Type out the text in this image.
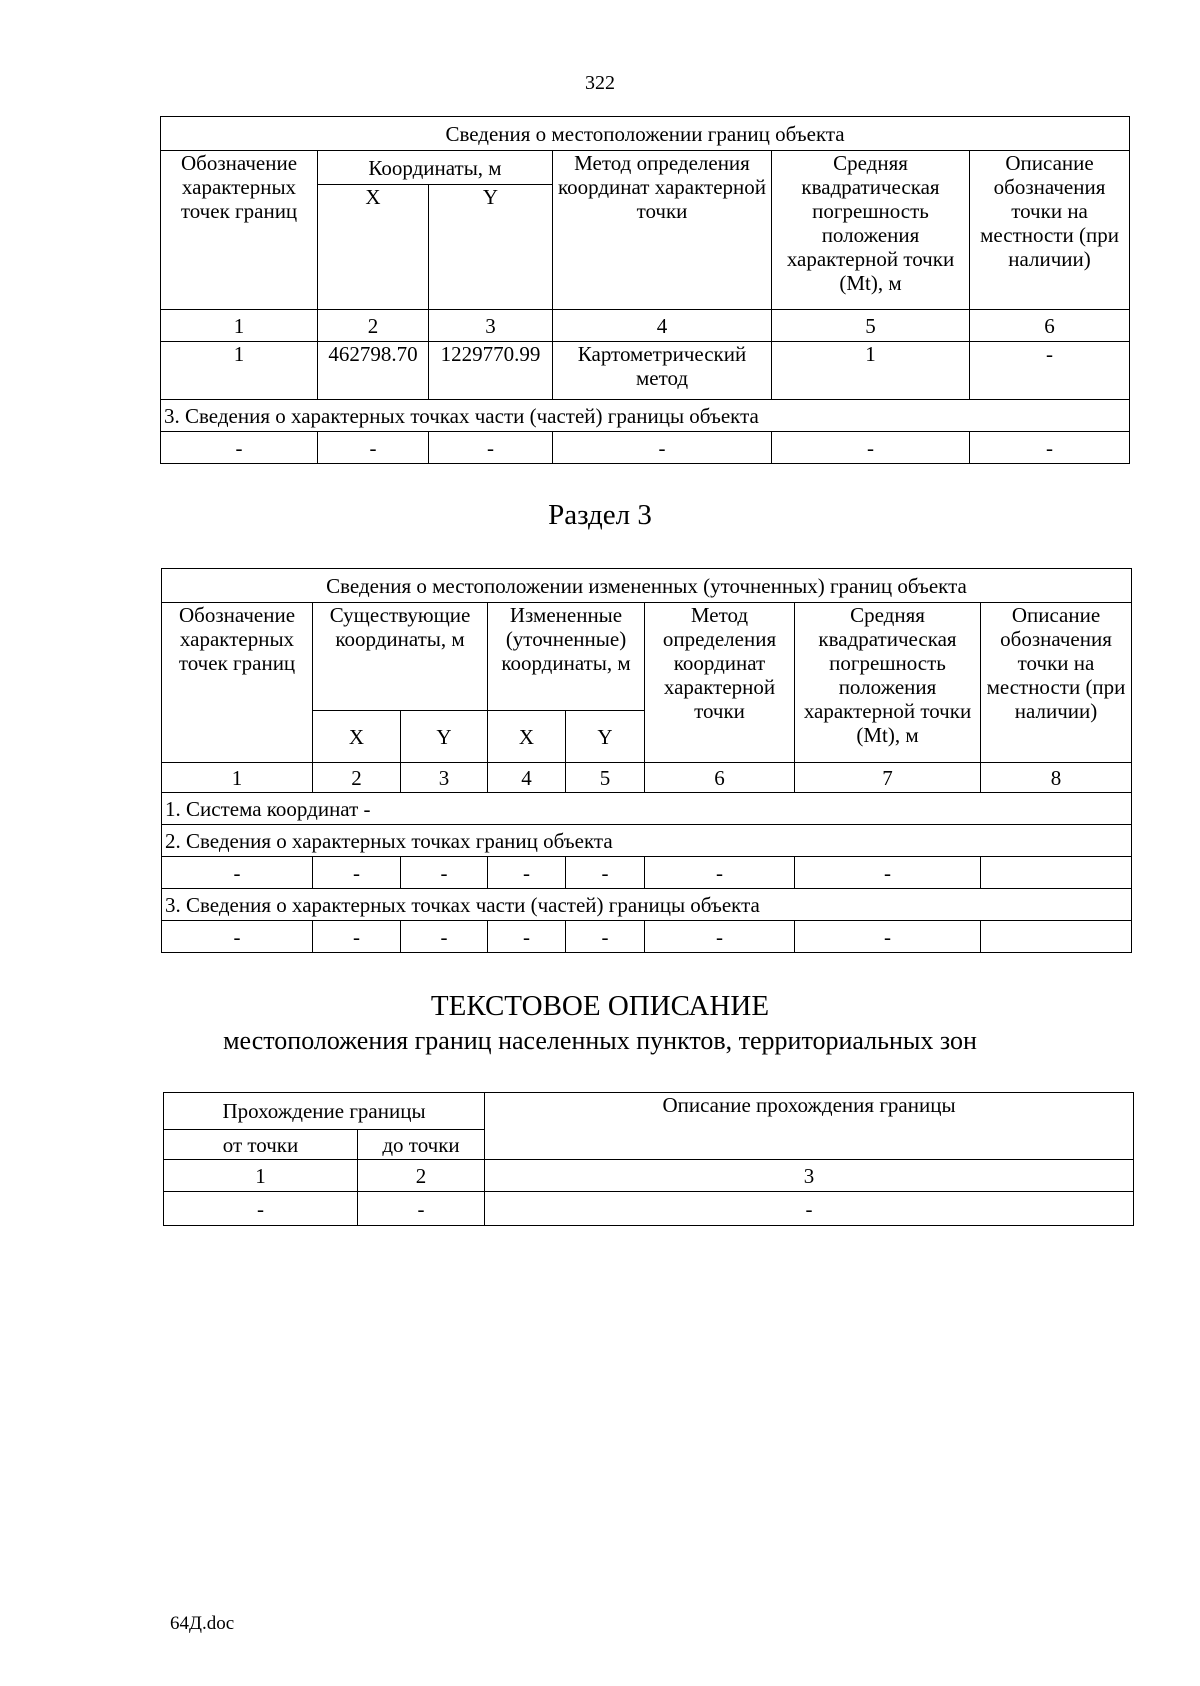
322
Сведения о местоположении границ объекта					
Обозначение характерных точек границ	Координаты, м		Метод определения координат характерной точки	Средняя квадратическая погрешность положения характерной точки (Mt), м	Описание обозначения точки на местности (при наличии)
	X	Y			
1	2	3	4	5	6
1	462798.70	1229770.99	Картометрический метод	1	-
3. Сведения о характерных точках части (частей) границы объекта					
-	-	-	-	-	-
Раздел 3
Сведения о местоположении измененных (уточненных) границ объекта							
Обозначение характерных точек границ	Существующие координаты, м		Измененные (уточненные) координаты, м		Метод определения координат характерной точки	Средняя квадратическая погрешность положения характерной точки (Mt), м	Описание обозначения точки на местности (при наличии)
	X	Y	X	Y			
1	2	3	4	5	6	7	8
1. Система координат -							
2. Сведения о характерных точках границ объекта							
-	-	-	-	-	-	-	
3. Сведения о характерных точках части (частей) границы объекта							
-	-	-	-	-	-	-	
ТЕКСТОВОЕ ОПИСАНИЕ
местоположения границ населенных пунктов, территориальных зон
Прохождение границы		Описание прохождения границы
от точки	до точки	
1	2	3
-	-	-
64Д.doc
